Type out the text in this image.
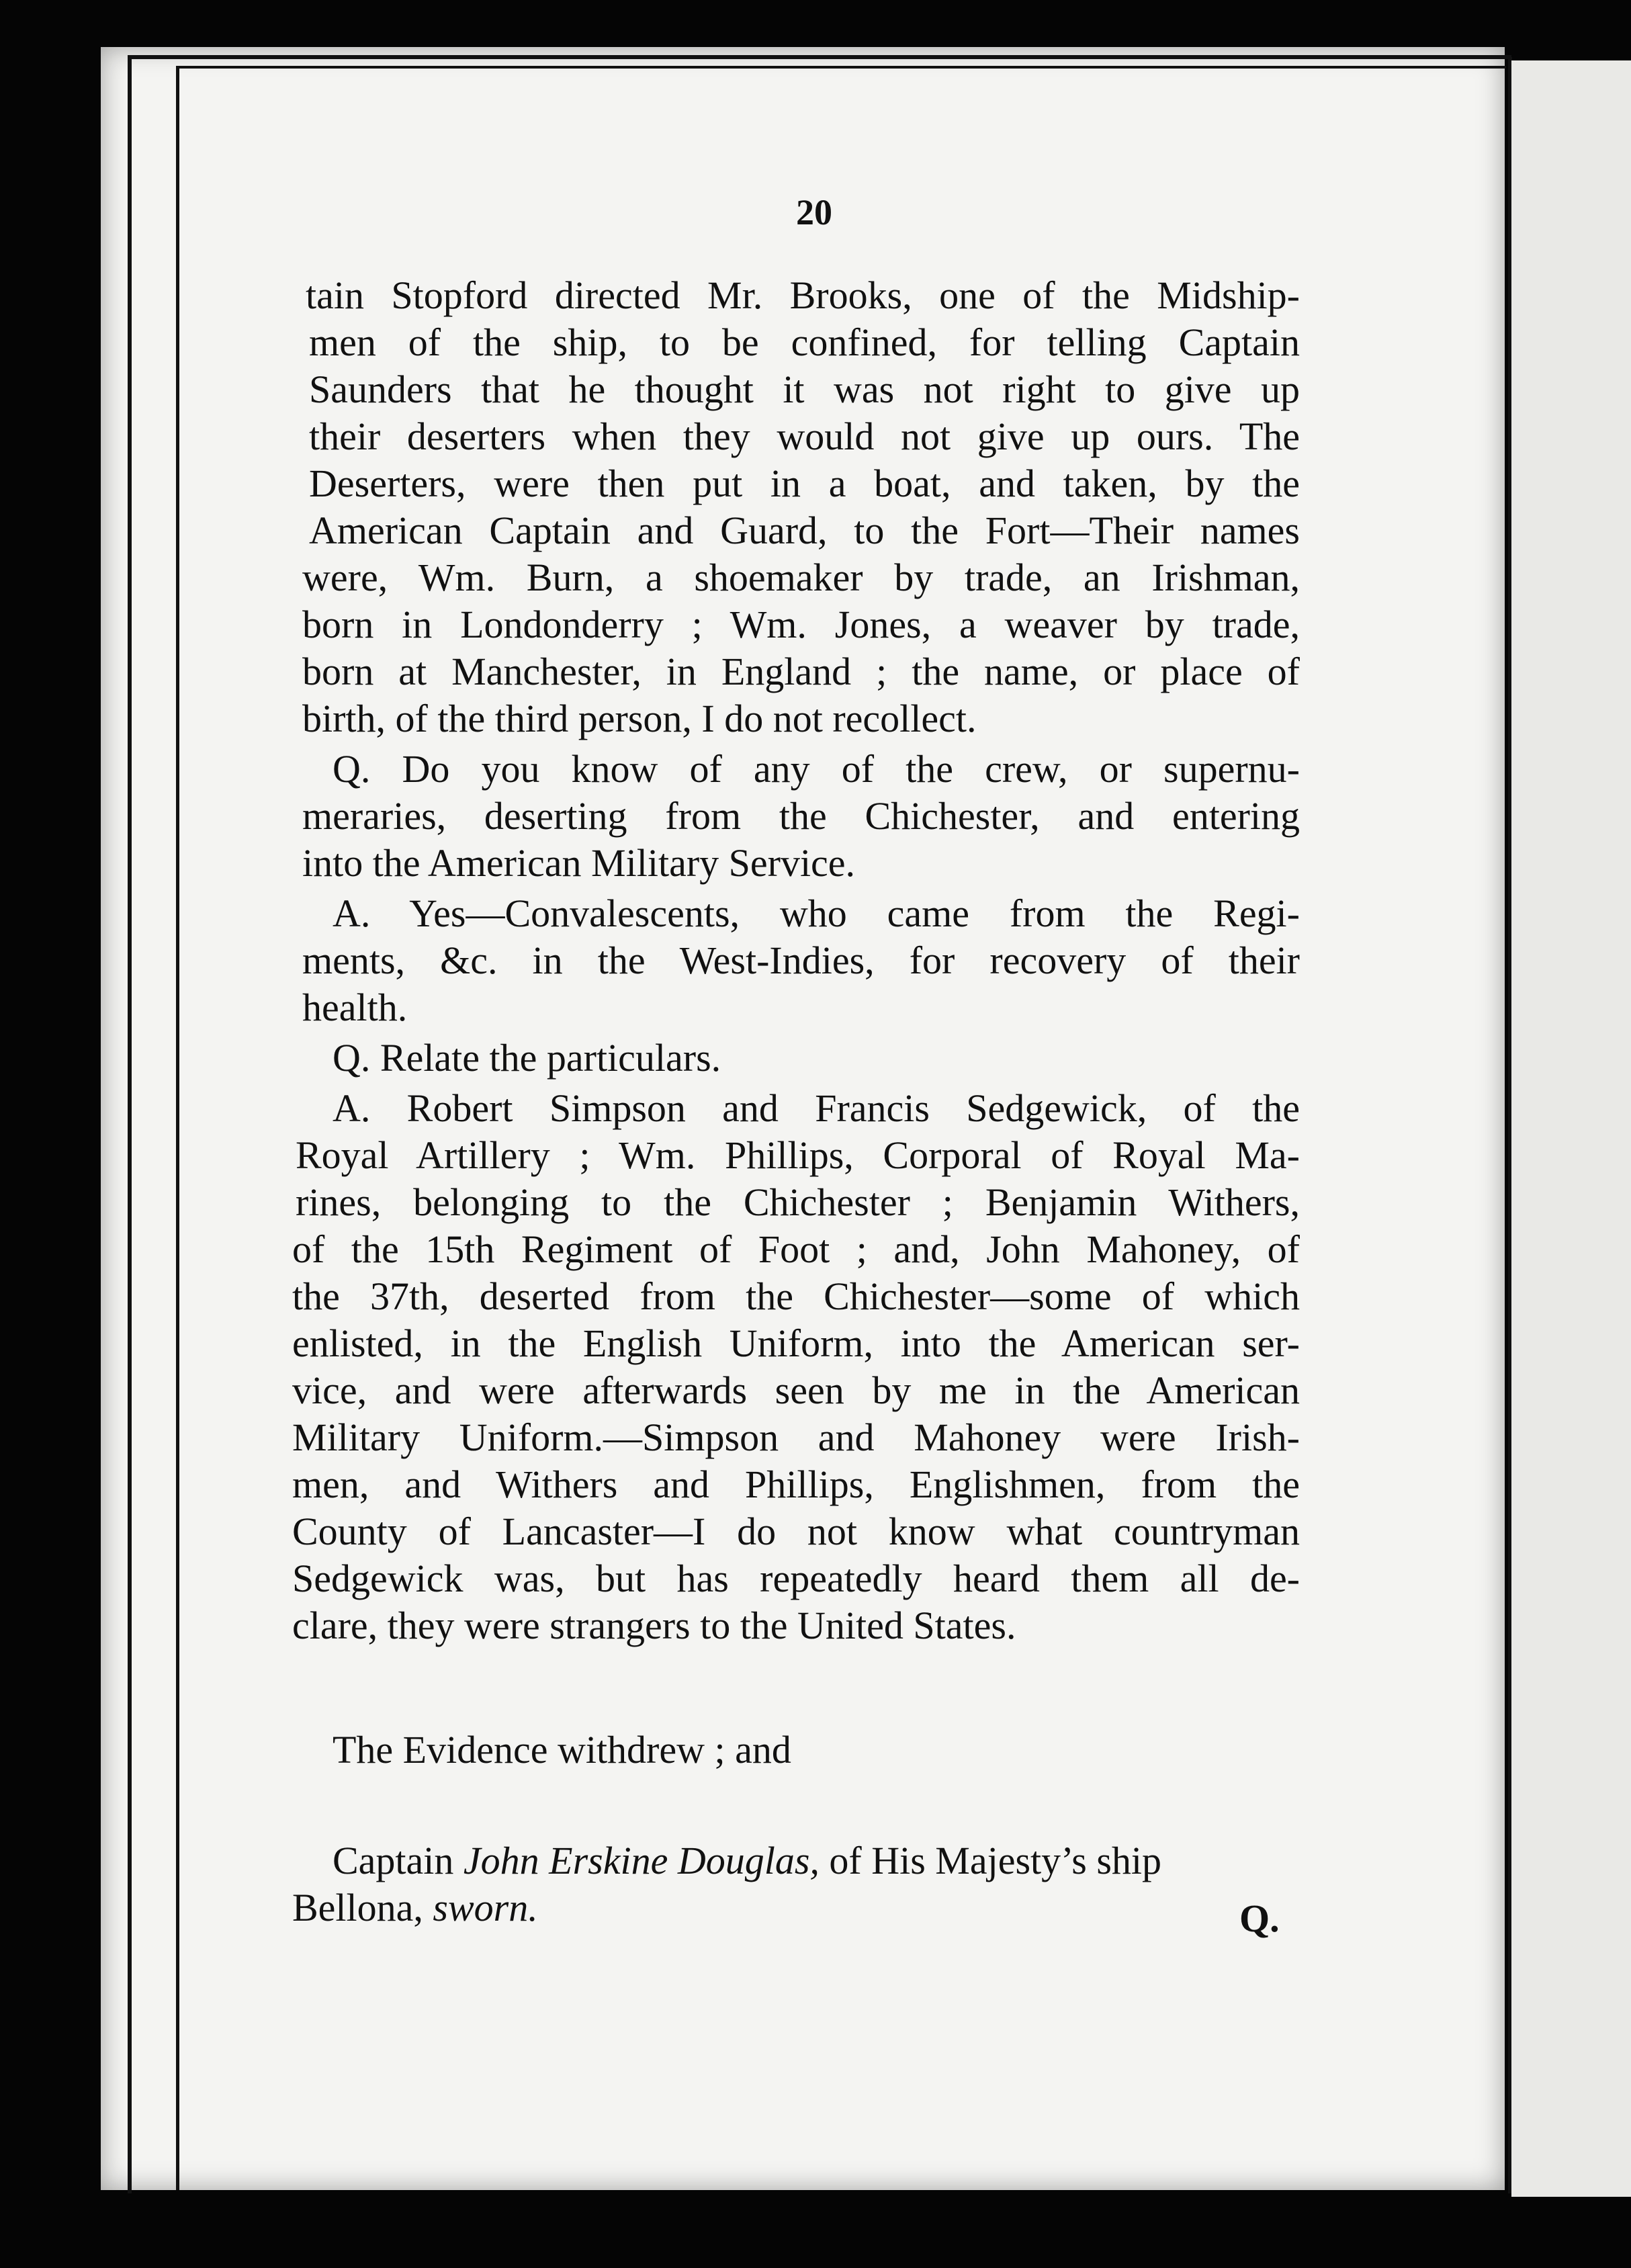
20
tain Stopford directed Mr. Brooks, one of the Midship-
men of the ship, to be confined, for telling Captain
Saunders that he thought it was not right to give up
their deserters when they would not give up ours. The
Deserters, were then put in a boat, and taken, by the
American Captain and Guard, to the Fort—Their names
were, Wm. Burn, a shoemaker by trade, an Irishman,
born in Londonderry ; Wm. Jones, a weaver by trade,
born at Manchester, in England ; the name, or place of
birth, of the third person, I do not recollect.
Q. Do you know of any of the crew, or supernu-
meraries, deserting from the Chichester, and entering
into the American Military Service.
A. Yes—Convalescents, who came from the Regi-
ments, &c. in the West-Indies, for recovery of their
health.
Q. Relate the particulars.
A. Robert Simpson and Francis Sedgewick, of the
Royal Artillery ; Wm. Phillips, Corporal of Royal Ma-
rines, belonging to the Chichester ; Benjamin Withers,
of the 15th Regiment of Foot ; and, John Mahoney, of
the 37th, deserted from the Chichester—some of which
enlisted, in the English Uniform, into the American ser-
vice, and were afterwards seen by me in the American
Military Uniform.—Simpson and Mahoney were Irish-
men, and Withers and Phillips, Englishmen, from the
County of Lancaster—I do not know what countryman
Sedgewick was, but has repeatedly heard them all de-
clare, they were strangers to the United States.
The Evidence withdrew ; and
Captain John Erskine Douglas, of His Majesty’s ship
Bellona, sworn.	Q.
